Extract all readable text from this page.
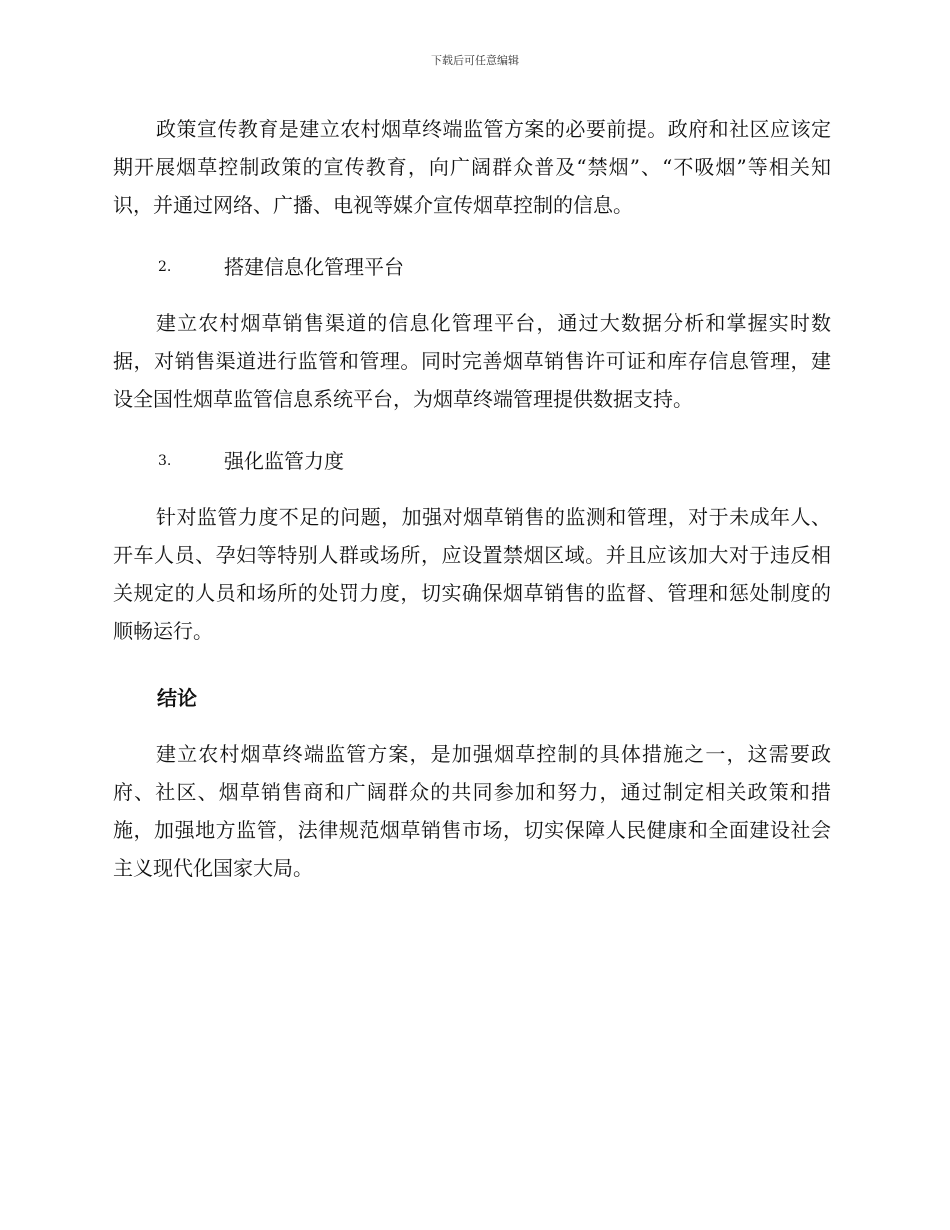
下载后可任意编辑

政策宣传教育是建立农村烟草终端监管方案的必要前提。政府和社区应该定期开展烟草控制政策的宣传教育，向广阔群众普及“禁烟”、“不吸烟”等相关知识，并通过网络、广播、电视等媒介宣传烟草控制的信息。

2.	搭建信息化管理平台

建立农村烟草销售渠道的信息化管理平台，通过大数据分析和掌握实时数据，对销售渠道进行监管和管理。同时完善烟草销售许可证和库存信息管理，建设全国性烟草监管信息系统平台，为烟草终端管理提供数据支持。

3.	强化监管力度

针对监管力度不足的问题，加强对烟草销售的监测和管理，对于未成年人、开车人员、孕妇等特别人群或场所，应设置禁烟区域。并且应该加大对于违反相关规定的人员和场所的处罚力度，切实确保烟草销售的监督、管理和惩处制度的顺畅运行。

结论

建立农村烟草终端监管方案，是加强烟草控制的具体措施之一，这需要政府、社区、烟草销售商和广阔群众的共同参加和努力，通过制定相关政策和措施，加强地方监管，法律规范烟草销售市场，切实保障人民健康和全面建设社会主义现代化国家大局。
